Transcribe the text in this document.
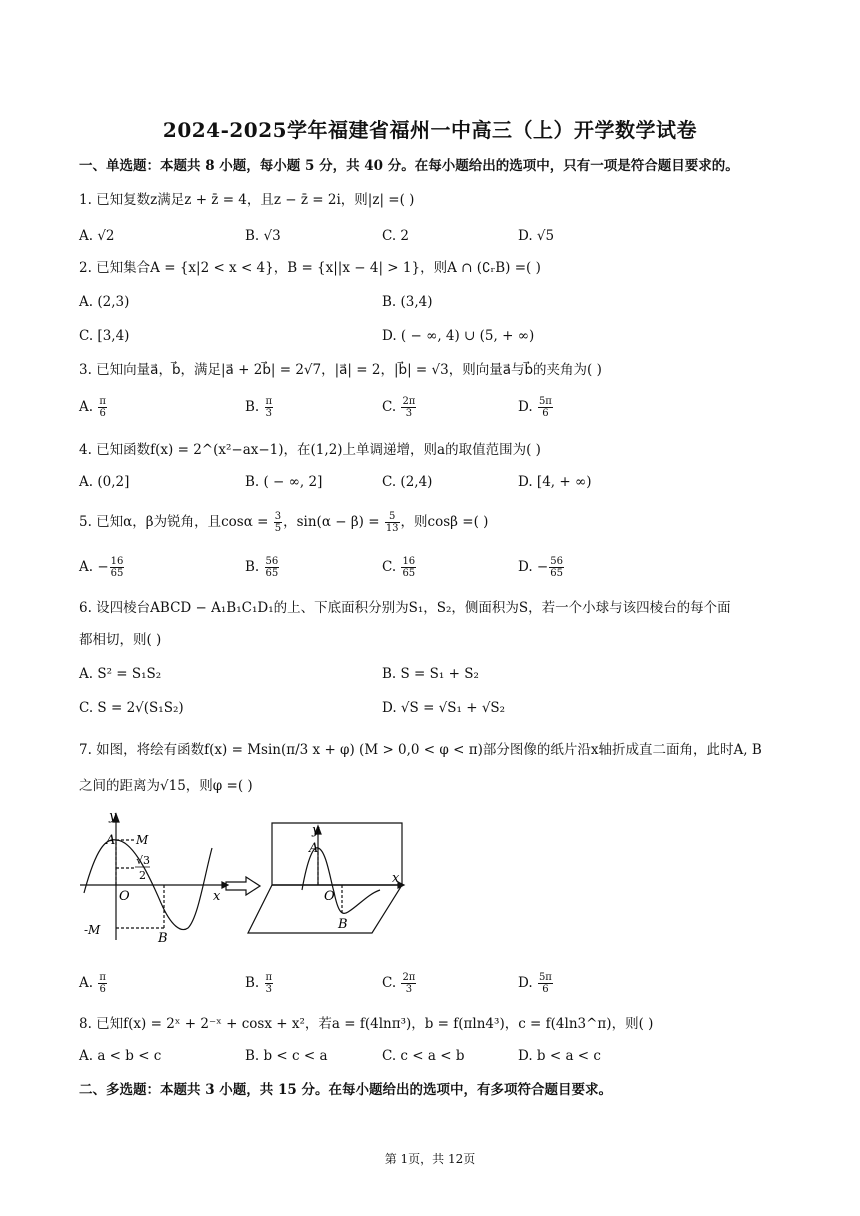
2024-2025学年福建省福州一中高三（上）开学数学试卷
一、单选题：本题共 8 小题，每小题 5 分，共 40 分。在每小题给出的选项中，只有一项是符合题目要求的。
1. 已知复数z满足z + z̄ = 4，且z − z̄ = 2i，则|z| =( )
A. √2	B. √3	C. 2	D. √5
2. 已知集合A = {x|2 < x < 4}，B = {x||x − 4| > 1}，则A ∩ (∁ᵣB) =( )
A. (2,3)	B. (3,4)
C. [3,4)	D. ( − ∞, 4) ∪ (5, + ∞)
3. 已知向量a⃗，b⃗，满足|a⃗ + 2b⃗| = 2√7，|a⃗| = 2，|b⃗| = √3，则向量a⃗与b⃗的夹角为( )
A. $\frac{\pi}{6}$	B. $\frac{\pi}{3}$	C. $\frac{2\pi}{3}$	D. $\frac{5\pi}{6}$
4. 已知函数f(x) = 2^(x²−ax−1)，在(1,2)上单调递增，则a的取值范围为( )
A. (0,2]	B. ( − ∞, 2]	C. (2,4)	D. [4, + ∞)
5. 已知α，β为锐角，且$\cos\alpha = \frac{3}{5}$ ，$\sin(\alpha - \beta) = \frac{5}{13}$ ，则cosβ =( )
A. − $\frac{16}{65}$	B. $\frac{56}{65}$	C. $\frac{16}{65}$	D. − $\frac{56}{65}$
6. 设四棱台ABCD − A₁B₁C₁D₁的上、下底面积分别为S₁，S₂，侧面积为S，若一个小球与该四棱台的每个面
都相切，则( )
A. S² = S₁S₂	B. S = S₁ + S₂
C. S = 2√(S₁S₂)	D. √S = √S₁ + √S₂
7. 如图，将绘有函数f(x) = Msin(π/3 x + φ) (M > 0,0 < φ < π)部分图像的纸片沿x轴折成直二面角，此时A, B
之间的距离为√15，则φ =( )
y
A M
√3
2
O	x
-M
B
y
A
O
x
B
A. $\frac{\pi}{6}$	B. $\frac{\pi}{3}$	C. $\frac{2\pi}{3}$	D. $\frac{5\pi}{6}$
8. 已知f(x) = 2ˣ + 2⁻ˣ + cosx + x²，若a = f(4lnπ³)，b = f(πln4³)，c = f(4ln3^π)，则( )
A. a < b < c	B. b < c < a	C. c < a < b	D. b < a < c
二、多选题：本题共 3 小题，共 15 分。在每小题给出的选项中，有多项符合题目要求。
第 1页，共 12页
